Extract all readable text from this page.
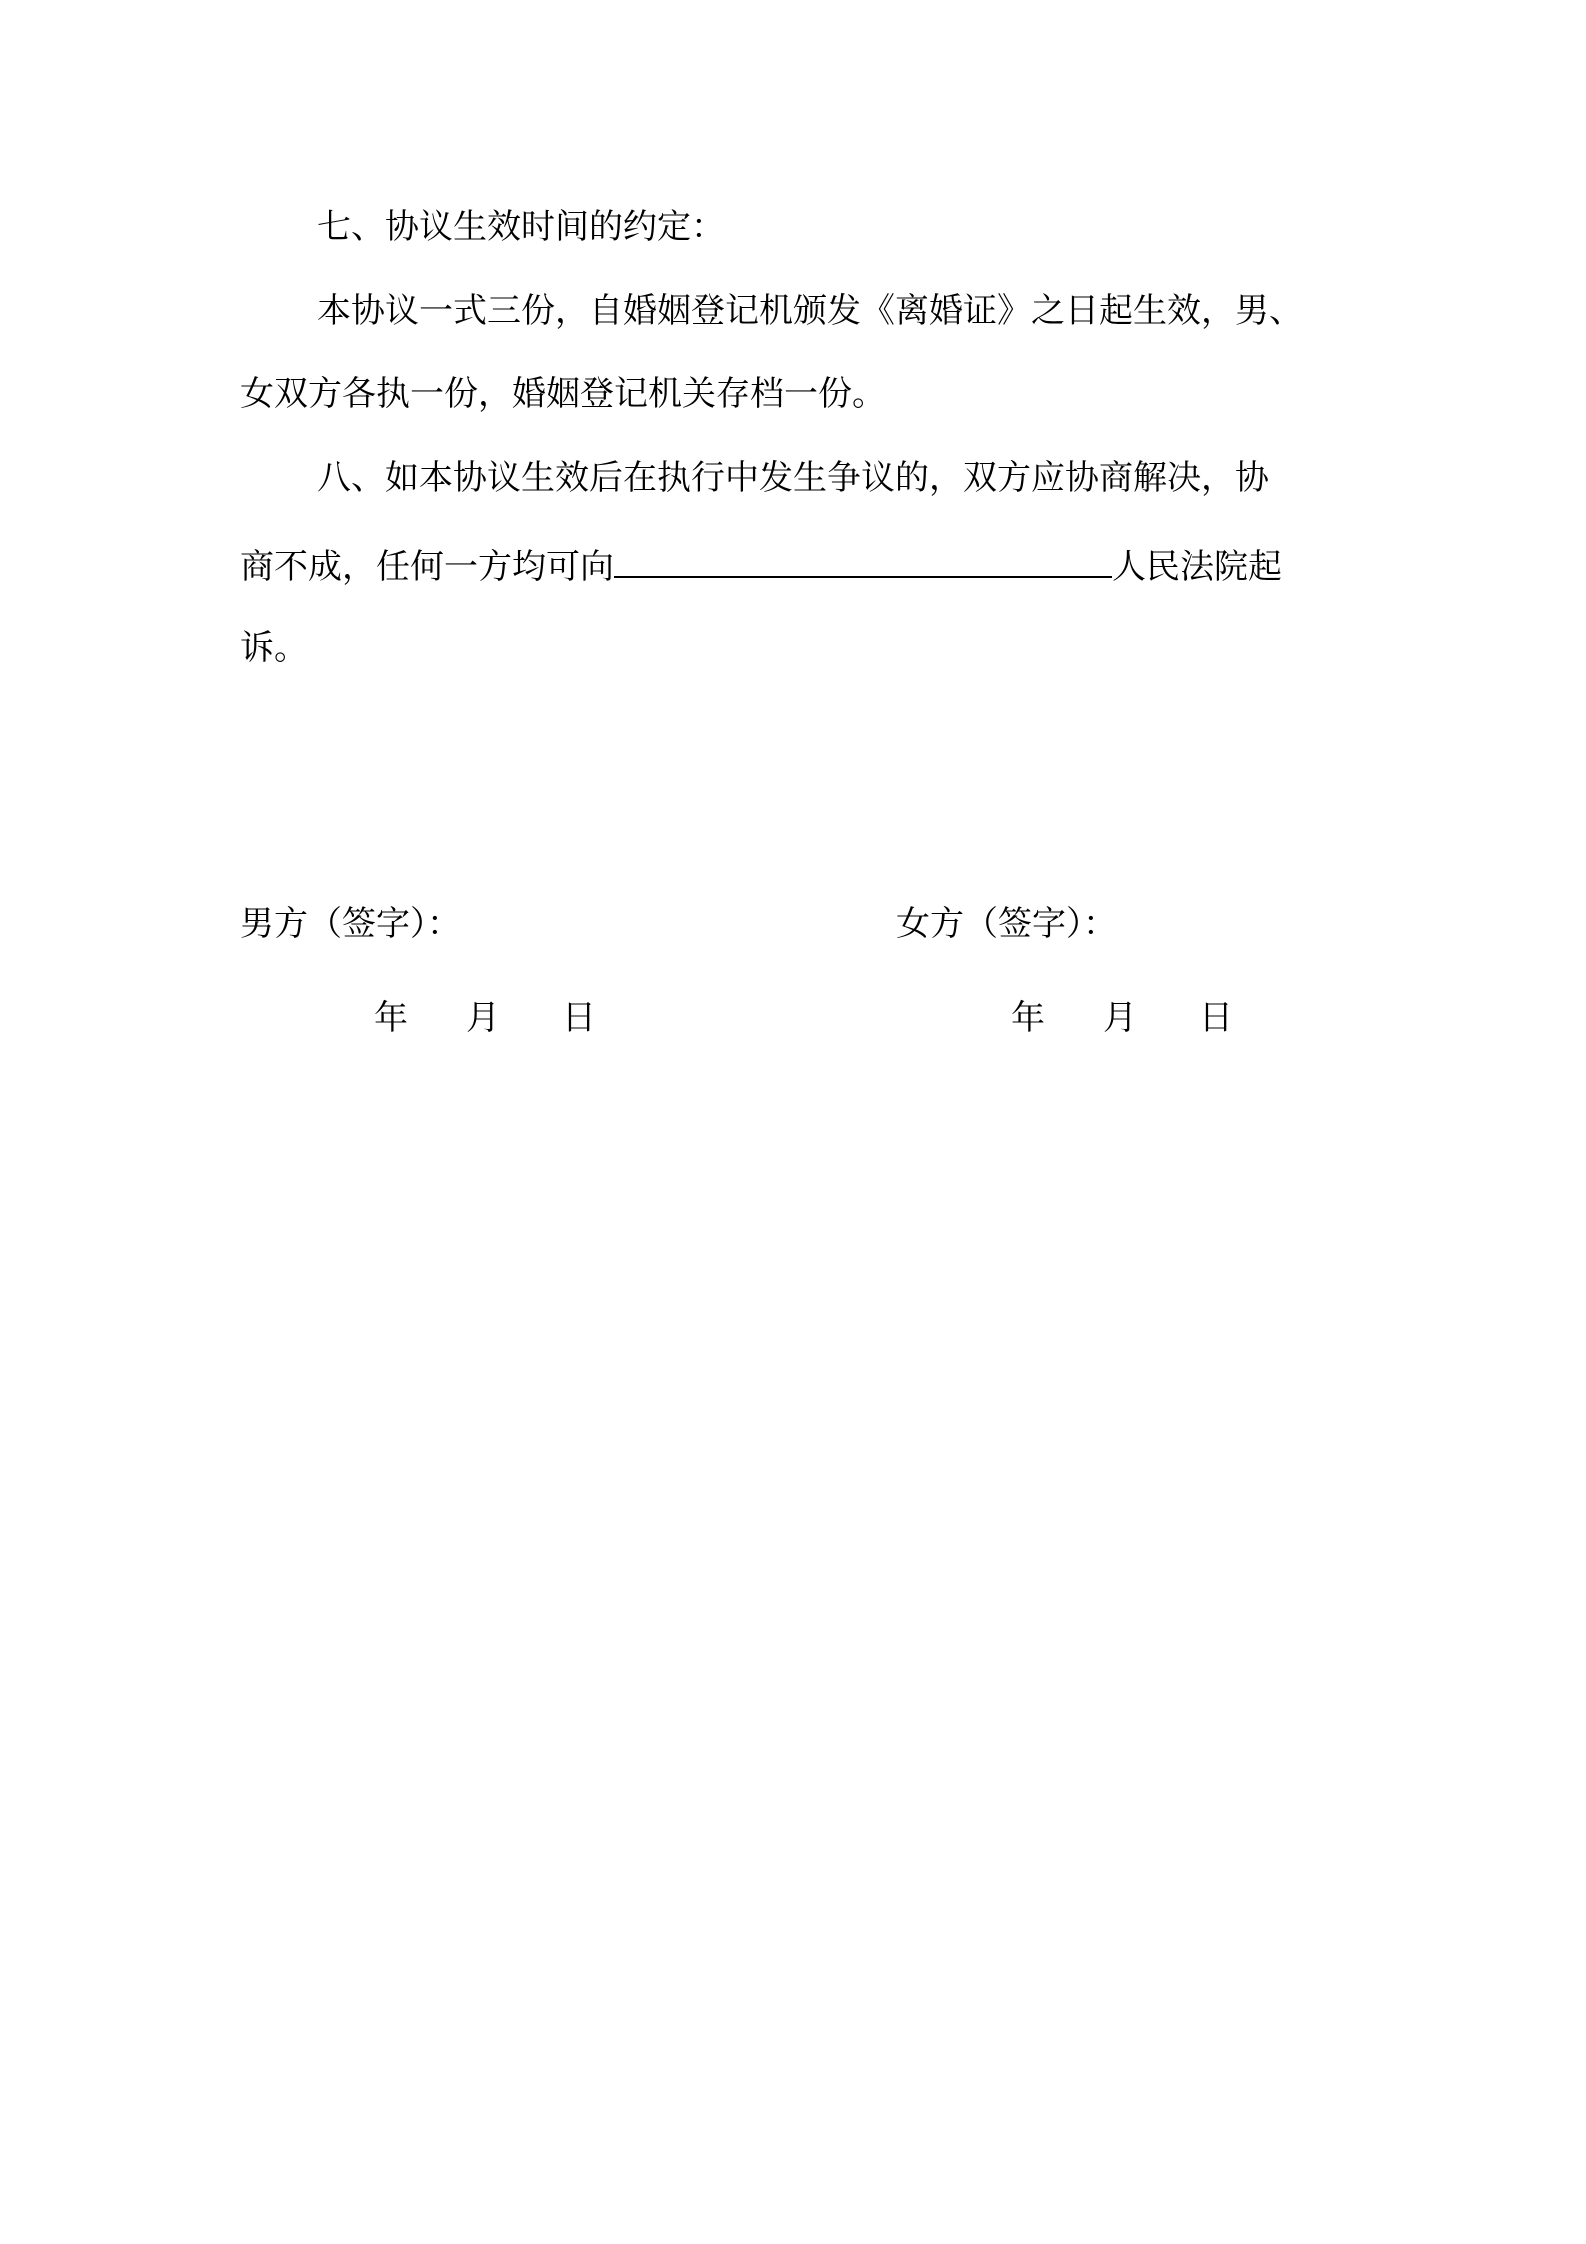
七、协议生效时间的约定：
本协议一式三份，自婚姻登记机颁发《离婚证》之日起生效，男、
女双方各执一份，婚姻登记机关存档一份。
八、如本协议生效后在执行中发生争议的，双方应协商解决，协
商不成，任何一方均可向	人民法院起
诉。
男方（签字）：	女方（签字）：
年 月 日	年 月 日
